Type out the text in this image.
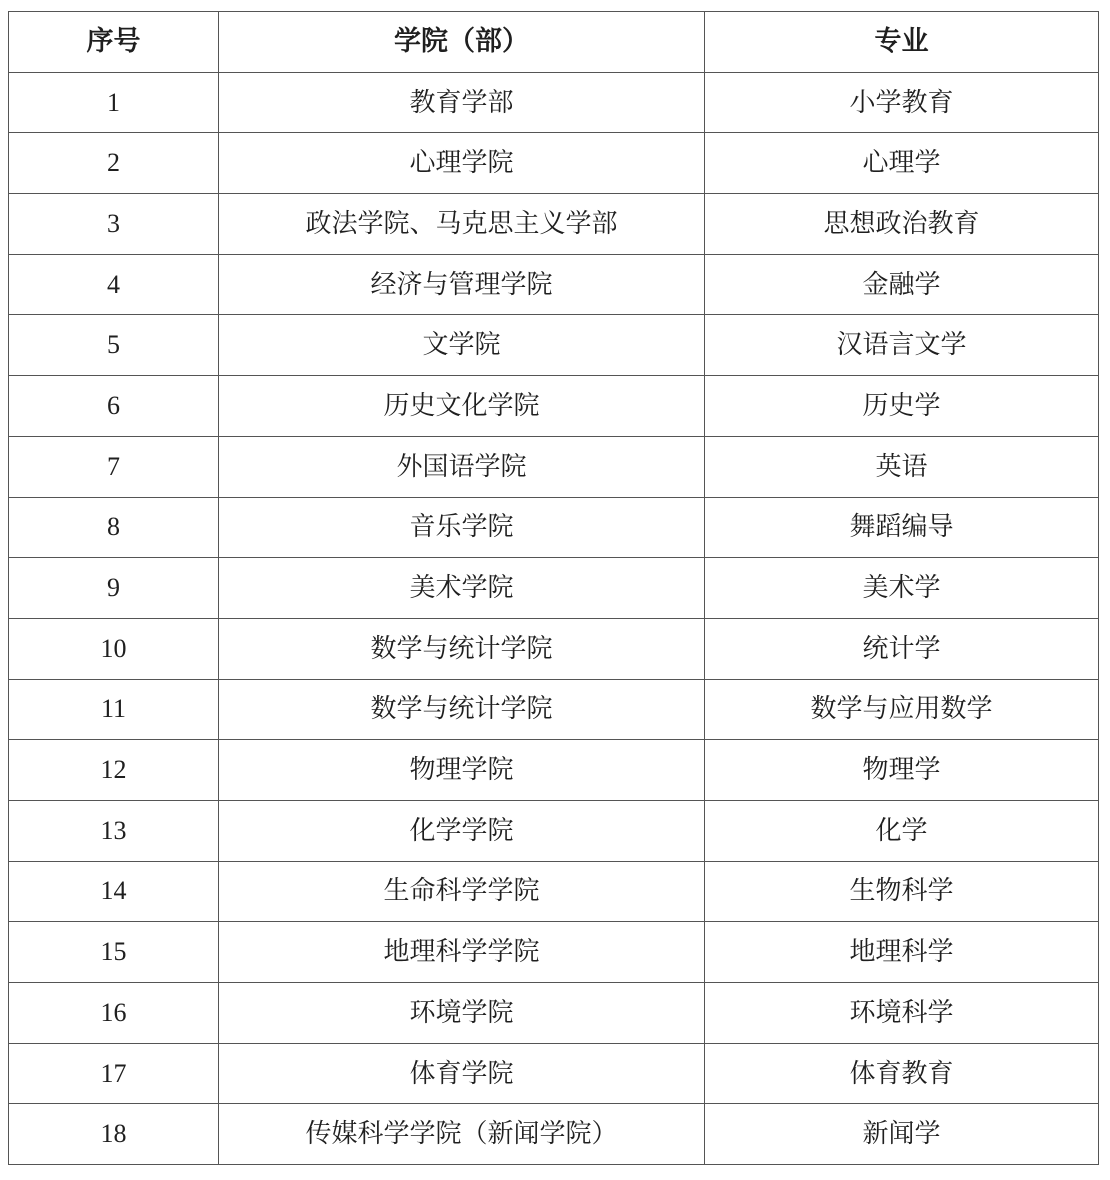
序号	学院（部）	专业
1	教育学部	小学教育
2	心理学院	心理学
3	政法学院、马克思主义学部	思想政治教育
4	经济与管理学院	金融学
5	文学院	汉语言文学
6	历史文化学院	历史学
7	外国语学院	英语
8	音乐学院	舞蹈编导
9	美术学院	美术学
10	数学与统计学院	统计学
11	数学与统计学院	数学与应用数学
12	物理学院	物理学
13	化学学院	化学
14	生命科学学院	生物科学
15	地理科学学院	地理科学
16	环境学院	环境科学
17	体育学院	体育教育
18	传媒科学学院（新闻学院）	新闻学
